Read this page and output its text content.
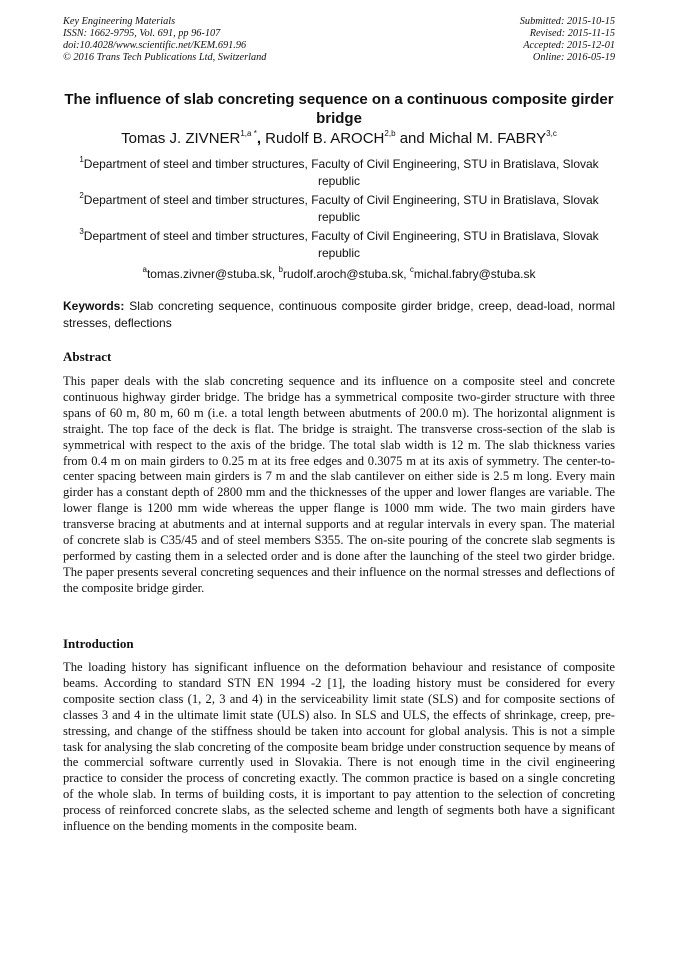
Key Engineering Materials
ISSN: 1662-9795, Vol. 691, pp 96-107
doi:10.4028/www.scientific.net/KEM.691.96
© 2016 Trans Tech Publications Ltd, Switzerland
Submitted: 2015-10-15
Revised: 2015-11-15
Accepted: 2015-12-01
Online: 2016-05-19
The influence of slab concreting sequence on a continuous composite girder bridge
Tomas J. $ZIVNER^{1,a *}$, Rudolf B. AROCH$^{2,b}$ and Michal M. FABRY$^{3,c}$
$^1$Department of steel and timber structures, Faculty of Civil Engineering, STU in Bratislava, Slovak republic
$^2$Department of steel and timber structures, Faculty of Civil Engineering, STU in Bratislava, Slovak republic
$^3$Department of steel and timber structures, Faculty of Civil Engineering, STU in Bratislava, Slovak republic
$^a$tomas.zivner@stuba.sk, $^b$rudolf.aroch@stuba.sk, $^c$michal.fabry@stuba.sk
Keywords: Slab concreting sequence, continuous composite girder bridge, creep, dead-load, normal stresses, deflections
Abstract
This paper deals with the slab concreting sequence and its influence on a composite steel and concrete continuous highway girder bridge. The bridge has a symmetrical composite two-girder structure with three spans of 60 m, 80 m, 60 m (i.e. a total length between abutments of 200.0 m). The horizontal alignment is straight. The top face of the deck is flat. The bridge is straight. The transverse cross-section of the slab is symmetrical with respect to the axis of the bridge. The total slab width is 12 m. The slab thickness varies from 0.4 m on main girders to 0.25 m at its free edges and 0.3075 m at its axis of symmetry. The center-to-center spacing between main girders is 7 m and the slab cantilever on either side is 2.5 m long. Every main girder has a constant depth of 2800 mm and the thicknesses of the upper and lower flanges are variable. The lower flange is 1200 mm wide whereas the upper flange is 1000 mm wide. The two main girders have transverse bracing at abutments and at internal supports and at regular intervals in every span. The material of concrete slab is C35/45 and of steel members S355. The on-site pouring of the concrete slab segments is performed by casting them in a selected order and is done after the launching of the steel two girder bridge. The paper presents several concreting sequences and their influence on the normal stresses and deflections of the composite bridge girder.
Introduction
The loading history has significant influence on the deformation behaviour and resistance of composite beams. According to standard STN EN 1994 -2 [1], the loading history must be considered for every composite section class (1, 2, 3 and 4) in the serviceability limit state (SLS) and for composite sections of classes 3 and 4 in the ultimate limit state (ULS) also. In SLS and ULS, the effects of shrinkage, creep, pre-stressing, and change of the stiffness should be taken into account for global analysis. This is not a simple task for analysing the slab concreting of the composite beam bridge under construction sequence by means of the commercial software currently used in Slovakia. There is not enough time in the civil engineering practice to consider the process of concreting exactly. The common practice is based on a single concreting of the whole slab. In terms of building costs, it is important to pay attention to the selection of concreting process of reinforced concrete slabs, as the selected scheme and length of segments both have a significant influence on the bending moments in the composite beam.
